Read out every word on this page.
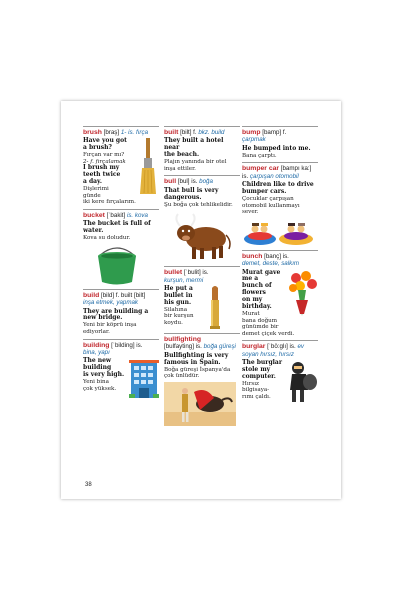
brush [braş] 1- is. fırça
Have you got
a brush?
Fırçan var mı?
2- f. fırçalamak
I brush my
teeth twice
a day.
Dişlerimi
günde
iki kere fırçalarım.
bucket [ˈbakit] is. kova
The bucket is full of
water.
Kova su doludur.
build [bild] f. built [bilt]
inşa etmek, yapmak
They are building a
new bridge.
Yeni bir köprü inşa
ediyorlar.
building [ˈbilding] is.
bina, yapı
The new
building
is very high.
Yeni bina
çok yüksek.
built [bilt] f. bkz. build
They built a hotel near
the beach.
Plajın yanında bir otel
inşa ettiler.
bull [bul] is. boğa
That bull is very
dangerous.
Şu boğa çok tehlikelidir.
bullet [ˈbulit] is.
kurşun, mermi
He put a
bullet in
his gun.
Silahına
bir kurşun
koydu.
bullfighting
[bulfayting] is. boğa güreşi
Bullfighting is very
famous in Spain.
Boğa güreşi İspanya'da
çok ünlüdür.
bump [bamp] f.
çarpmak
He bumped into me.
Bana çarptı.
bumper car [bampı ka:] is. çarpışan otomobil
Children like to drive
bumper cars.
Çocuklar çarpışan
otomobil kullanmayı
sever.
bunch [banç] is.
demet, deste, salkım
Murat gave me a
bunch of
flowers
on my
birthday.
Murat
bana doğum
günümde bir
demet çiçek verdi.
burglar [ˈbö:glı] is. ev soyan hırsız, hırsız
The burglar
stole my
computer.
Hırsız
bilgisaya-
rımı çaldı.
38
